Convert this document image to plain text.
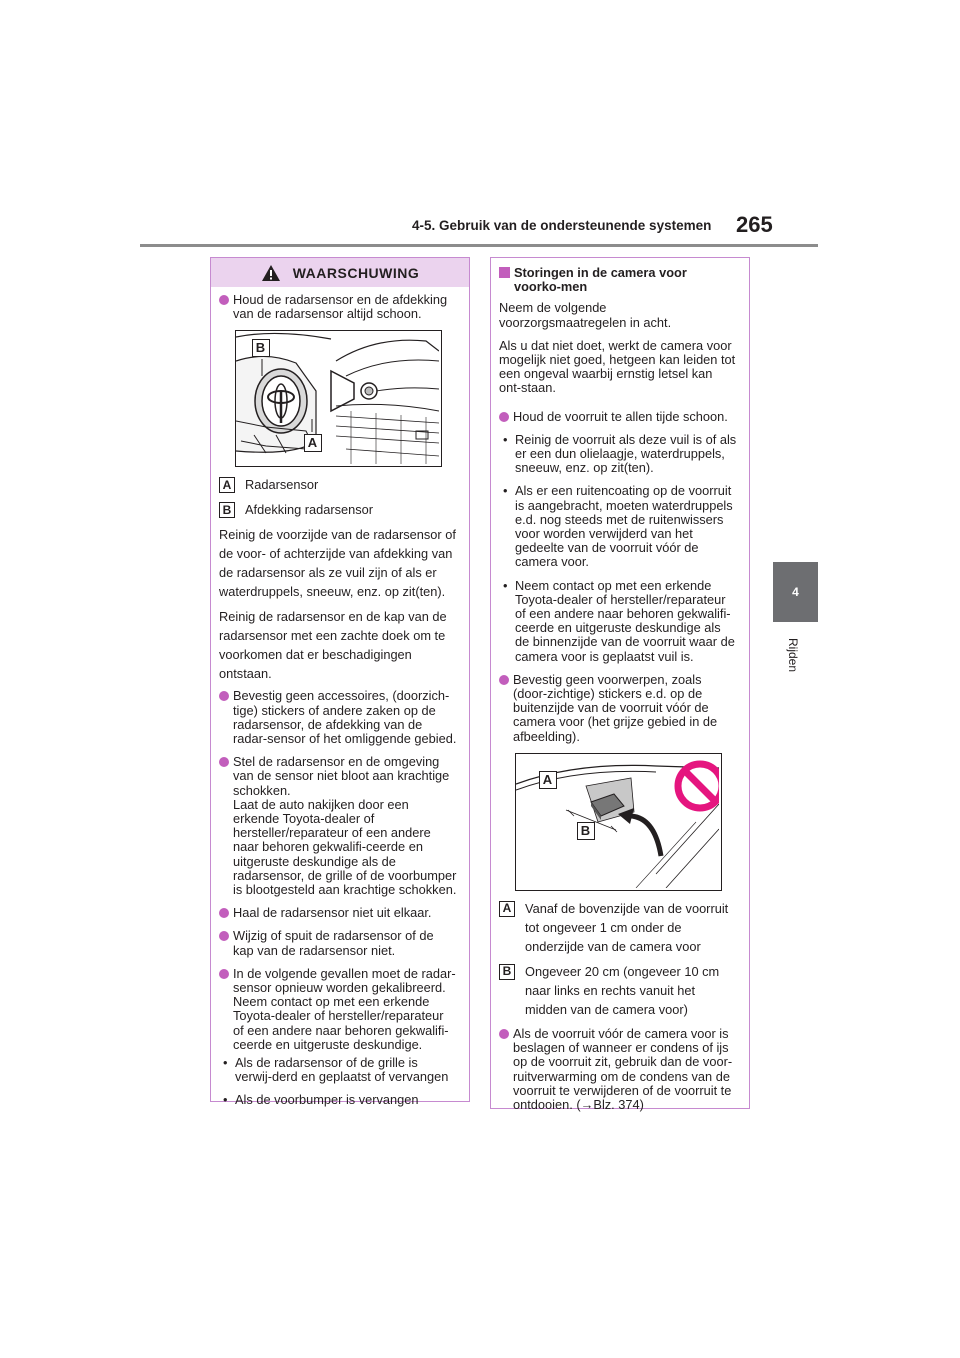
4-5. Gebruik van de ondersteunende systemen 265
4
Rijden
WAARSCHUWING
Houd de radarsensor en de afdekking van de radarsensor altijd schoon.
B
A
A Radarsensor
B Afdekking radarsensor

Reinig de voorzijde van de radarsensor of de voor- of achterzijde van afdekking van de radarsensor als ze vuil zijn of als er waterdruppels, sneeuw, enz. op zit(ten).

Reinig de radarsensor en de kap van de radarsensor met een zachte doek om te voorkomen dat er beschadigingen ontstaan.

Bevestig geen accessoires, (doorzich-tige) stickers of andere zaken op de radarsensor, de afdekking van de radar-sensor of het omliggende gebied.
Stel de radarsensor en de omgeving van de sensor niet bloot aan krachtige schokken.
Laat de auto nakijken door een erkende Toyota-dealer of hersteller/reparateur of een andere naar behoren gekwalifi-ceerde en uitgeruste deskundige als de radarsensor, de grille of de voorbumper is blootgesteld aan krachtige schokken.
Haal de radarsensor niet uit elkaar.
Wijzig of spuit de radarsensor of de kap van de radarsensor niet.
In de volgende gevallen moet de radar-sensor opnieuw worden gekalibreerd. Neem contact op met een erkende Toyota-dealer of hersteller/reparateur of een andere naar behoren gekwalifi-ceerde en uitgeruste deskundige.
• Als de radarsensor of de grille is verwij-derd en geplaatst of vervangen
• Als de voorbumper is vervangen
Storingen in de camera voor voorko-men

Neem de volgende voorzorgsmaatregelen in acht.

Als u dat niet doet, werkt de camera voor mogelijk niet goed, hetgeen kan leiden tot een ongeval waarbij ernstig letsel kan ont-staan.

Houd de voorruit te allen tijde schoon.
• Reinig de voorruit als deze vuil is of als er een dun olielaagje, waterdruppels, sneeuw, enz. op zit(ten).
• Als er een ruitencoating op de voorruit is aangebracht, moeten waterdruppels e.d. nog steeds met de ruitenwissers voor worden verwijderd van het gedeelte van de voorruit vóór de camera voor.
• Neem contact op met een erkende Toyota-dealer of hersteller/reparateur of een andere naar behoren gekwalifi-ceerde en uitgeruste deskundige als de binnenzijde van de voorruit waar de camera voor is geplaatst vuil is.
Bevestig geen voorwerpen, zoals (door-zichtige) stickers e.d. op de buitenzijde van de voorruit vóór de camera voor (het grijze gebied in de afbeelding).
A
B
A Vanaf de bovenzijde van de voorruit tot ongeveer 1 cm onder de onderzijde van de camera voor
B Ongeveer 20 cm (ongeveer 10 cm naar links en rechts vanuit het midden van de camera voor)
Als de voorruit vóór de camera voor is beslagen of wanneer er condens of ijs op de voorruit zit, gebruik dan de voor-ruitverwarming om de condens van de voorruit te verwijderen of de voorruit te ontdooien. (→Blz. 374)
